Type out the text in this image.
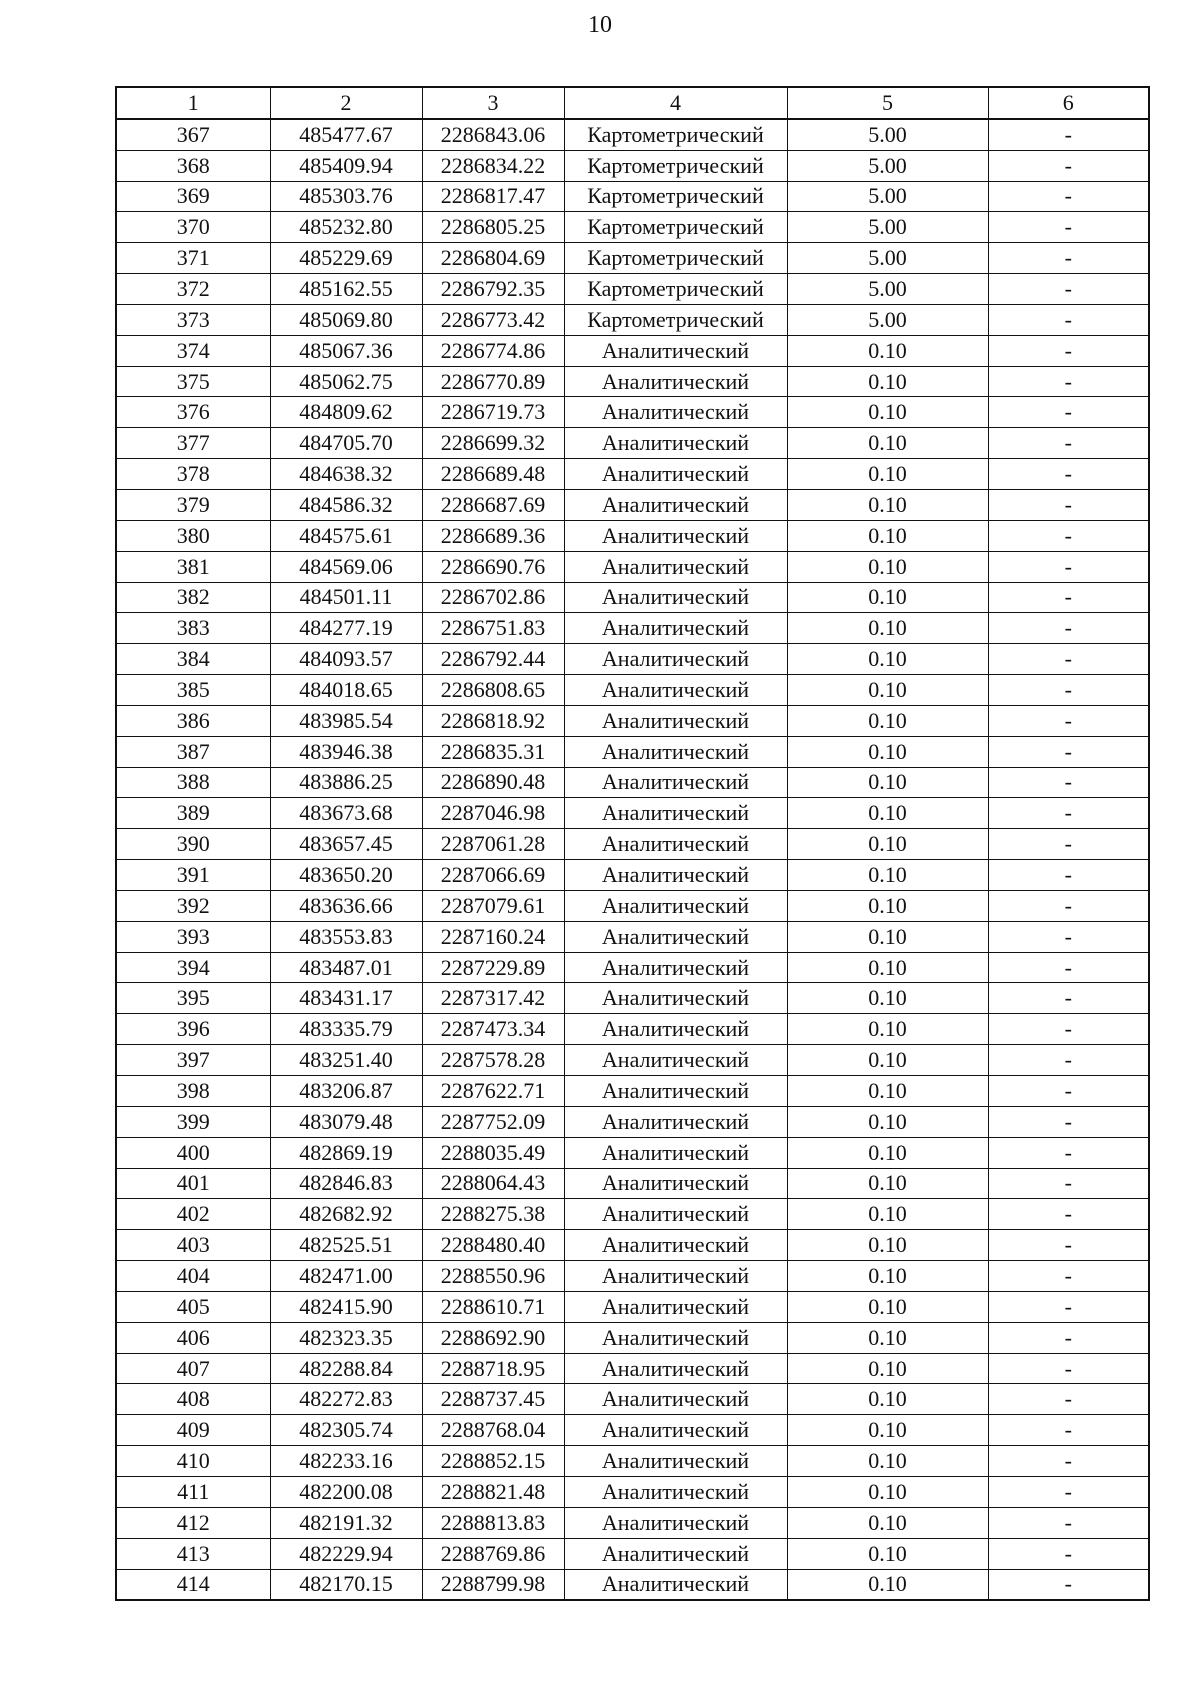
10
1	2	3	4	5	6
367	485477.67	2286843.06	Картометрический	5.00	-
368	485409.94	2286834.22	Картометрический	5.00	-
369	485303.76	2286817.47	Картометрический	5.00	-
370	485232.80	2286805.25	Картометрический	5.00	-
371	485229.69	2286804.69	Картометрический	5.00	-
372	485162.55	2286792.35	Картометрический	5.00	-
373	485069.80	2286773.42	Картометрический	5.00	-
374	485067.36	2286774.86	Аналитический	0.10	-
375	485062.75	2286770.89	Аналитический	0.10	-
376	484809.62	2286719.73	Аналитический	0.10	-
377	484705.70	2286699.32	Аналитический	0.10	-
378	484638.32	2286689.48	Аналитический	0.10	-
379	484586.32	2286687.69	Аналитический	0.10	-
380	484575.61	2286689.36	Аналитический	0.10	-
381	484569.06	2286690.76	Аналитический	0.10	-
382	484501.11	2286702.86	Аналитический	0.10	-
383	484277.19	2286751.83	Аналитический	0.10	-
384	484093.57	2286792.44	Аналитический	0.10	-
385	484018.65	2286808.65	Аналитический	0.10	-
386	483985.54	2286818.92	Аналитический	0.10	-
387	483946.38	2286835.31	Аналитический	0.10	-
388	483886.25	2286890.48	Аналитический	0.10	-
389	483673.68	2287046.98	Аналитический	0.10	-
390	483657.45	2287061.28	Аналитический	0.10	-
391	483650.20	2287066.69	Аналитический	0.10	-
392	483636.66	2287079.61	Аналитический	0.10	-
393	483553.83	2287160.24	Аналитический	0.10	-
394	483487.01	2287229.89	Аналитический	0.10	-
395	483431.17	2287317.42	Аналитический	0.10	-
396	483335.79	2287473.34	Аналитический	0.10	-
397	483251.40	2287578.28	Аналитический	0.10	-
398	483206.87	2287622.71	Аналитический	0.10	-
399	483079.48	2287752.09	Аналитический	0.10	-
400	482869.19	2288035.49	Аналитический	0.10	-
401	482846.83	2288064.43	Аналитический	0.10	-
402	482682.92	2288275.38	Аналитический	0.10	-
403	482525.51	2288480.40	Аналитический	0.10	-
404	482471.00	2288550.96	Аналитический	0.10	-
405	482415.90	2288610.71	Аналитический	0.10	-
406	482323.35	2288692.90	Аналитический	0.10	-
407	482288.84	2288718.95	Аналитический	0.10	-
408	482272.83	2288737.45	Аналитический	0.10	-
409	482305.74	2288768.04	Аналитический	0.10	-
410	482233.16	2288852.15	Аналитический	0.10	-
411	482200.08	2288821.48	Аналитический	0.10	-
412	482191.32	2288813.83	Аналитический	0.10	-
413	482229.94	2288769.86	Аналитический	0.10	-
414	482170.15	2288799.98	Аналитический	0.10	-
